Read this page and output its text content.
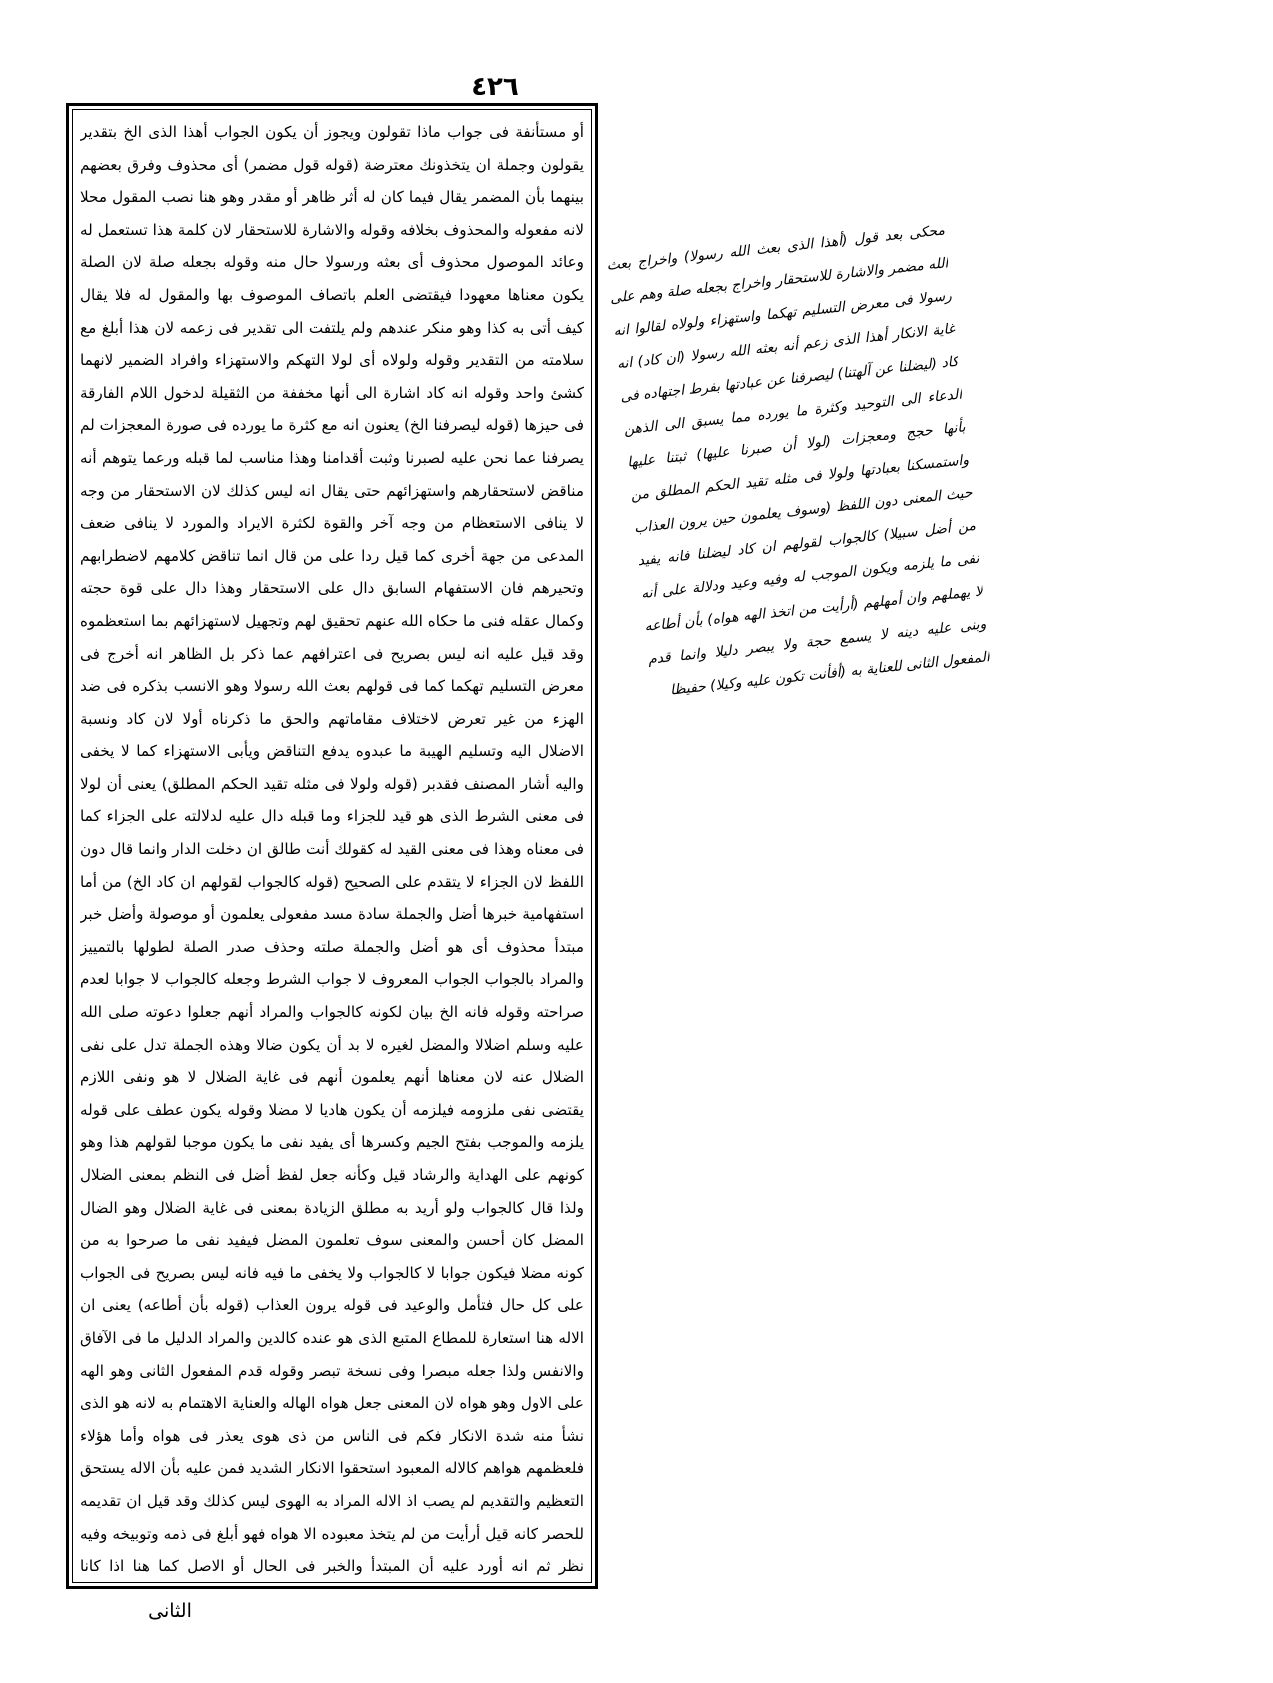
٤٢٦

أو مستأنفة فى جواب ماذا تقولون ويجوز أن يكون الجواب أهذا الذى الخ بتقدير يقولون وجملة ان يتخذونك معترضة (قوله قول مضمر) أى محذوف وفرق بعضهم بينهما بأن المضمر يقال فيما كان له أثر ظاهر أو مقدر وهو هنا نصب المقول محلا لانه مفعوله والمحذوف بخلافه وقوله والاشارة للاستحقار لان كلمة هذا تستعمل له وعائد الموصول محذوف أى بعثه ورسولا حال منه وقوله بجعله صلة لان الصلة يكون معناها معهودا فيقتضى العلم باتصاف الموصوف بها والمقول له فلا يقال كيف أتى به كذا وهو منكر عندهم ولم يلتفت الى تقدير فى زعمه لان هذا أبلغ مع سلامته من التقدير وقوله ولولاه أى لولا التهكم والاستهزاء وافراد الضمير لانهما كشئ واحد وقوله انه كاد اشارة الى أنها مخففة من الثقيلة لدخول اللام الفارقة فى حيزها (قوله ليصرفنا الخ) يعنون انه مع كثرة ما يورده فى صورة المعجزات لم يصرفنا عما نحن عليه لصبرنا وثبت أقدامنا وهذا مناسب لما قبله ورعما يتوهم أنه مناقض لاستحقارهم واستهزائهم حتى يقال انه ليس كذلك لان الاستحقار من وجه لا ينافى الاستعظام من وجه آخر والقوة لكثرة الايراد والمورد لا ينافى ضعف المدعى من جهة أخرى كما قيل ردا على من قال انما تناقض كلامهم لاضطرابهم وتحيرهم فان الاستفهام السابق دال على الاستحقار وهذا دال على قوة حجته وكمال عقله فنى ما حكاه الله عنهم تحقيق لهم وتجهيل لاستهزائهم بما استعظموه وقد قيل عليه انه ليس بصريح فى اعترافهم عما ذكر بل الظاهر انه أخرج فى معرض التسليم تهكما كما فى قولهم بعث الله رسولا وهو الانسب بذكره فى ضد الهزء من غير تعرض لاختلاف مقاماتهم والحق ما ذكرناه أولا لان كاد ونسبة الاضلال اليه وتسليم الهيبة ما عبدوه يدفع التناقض ويأبى الاستهزاء كما لا يخفى واليه أشار المصنف فقدبر (قوله ولولا فى مثله تقيد الحكم المطلق) يعنى أن لولا فى معنى الشرط الذى هو قيد للجزاء وما قبله دال عليه لدلالته على الجزاء كما فى معناه وهذا فى معنى القيد له كقولك أنت طالق ان دخلت الدار وانما قال دون اللفظ لان الجزاء لا يتقدم على الصحيح (قوله كالجواب لقولهم ان كاد الخ) من أما استفهامية خبرها أضل والجملة سادة مسد مفعولى يعلمون أو موصولة وأضل خبر مبتدأ محذوف أى هو أضل والجملة صلته وحذف صدر الصلة لطولها بالتمييز والمراد بالجواب الجواب المعروف لا جواب الشرط وجعله كالجواب لا جوابا لعدم صراحته وقوله فانه الخ بيان لكونه كالجواب والمراد أنهم جعلوا دعوته صلى الله عليه وسلم اضلالا والمضل لغيره لا بد أن يكون ضالا وهذه الجملة تدل على نفى الضلال عنه لان معناها أنهم يعلمون أنهم فى غاية الضلال لا هو ونفى اللازم يقتضى نفى ملزومه فيلزمه أن يكون هاديا لا مضلا وقوله يكون عطف على قوله يلزمه والموجب بفتح الجيم وكسرها أى يفيد نفى ما يكون موجبا لقولهم هذا وهو كونهم على الهداية والرشاد قيل وكأنه جعل لفظ أضل فى النظم بمعنى الضلال ولذا قال كالجواب ولو أريد به مطلق الزيادة بمعنى فى غاية الضلال وهو الضال المضل كان أحسن والمعنى سوف تعلمون المضل فيفيد نفى ما صرحوا به من كونه مضلا فيكون جوابا لا كالجواب ولا يخفى ما فيه فانه ليس بصريح فى الجواب على كل حال فتأمل والوعيد فى قوله يرون العذاب (قوله بأن أطاعه) يعنى ان الاله هنا استعارة للمطاع المتبع الذى هو عنده كالدين والمراد الدليل ما فى الآفاق والانفس ولذا جعله مبصرا وفى نسخة تبصر وقوله قدم المفعول الثانى وهو الهه على الاول وهو هواه لان المعنى جعل هواه الهاله والعناية الاهتمام به لانه هو الذى نشأ منه شدة الانكار فكم فى الناس من ذى هوى يعذر فى هواه وأما هؤلاء فلعظمهم هواهم كالاله المعبود استحقوا الانكار الشديد فمن عليه بأن الاله يستحق التعظيم والتقديم لم يصب اذ الاله المراد به الهوى ليس كذلك وقد قيل ان تقديمه للحصر كانه قيل أرأيت من لم يتخذ معبوده الا هواه فهو أبلغ فى ذمه وتوبيخه وفيه نظر ثم انه أورد عليه أن المبتدأ والخبر فى الحال أو الاصل كما هنا اذا كانا

محكى بعد قول (أهذا الذى بعث الله رسولا) واخراج بعث الله مضمر والاشارة للاستحقار واخراج بجعله صلة وهم على رسولا فى معرض التسليم تهكما واستهزاء ولولاه لقالوا انه غاية الانكار أهذا الذى زعم أنه بعثه الله رسولا (ان كاد) انه كاد (ليضلنا عن آلهتنا) ليصرفنا عن عبادتها بفرط اجتهاده فى الدعاء الى التوحيد وكثرة ما يورده مما يسبق الى الذهن بأنها حجج ومعجزات (لولا أن صبرنا عليها) ثبتنا عليها واستمسكنا بعبادتها ولولا فى مثله تقيد الحكم المطلق من حيث المعنى دون اللفظ (وسوف يعلمون حين يرون العذاب من أضل سبيلا) كالجواب لقولهم ان كاد ليضلنا فانه يفيد نفى ما يلزمه ويكون الموجب له وفيه وعيد ودلالة على أنه لا يهملهم وان أمهلهم (أرأيت من اتخذ الهه هواه) بأن أطاعه وبنى عليه دينه لا يسمع حجة ولا يبصر دليلا وانما قدم المفعول الثانى للعناية به (أفأنت تكون عليه وكيلا) حفيظا

الثانى
